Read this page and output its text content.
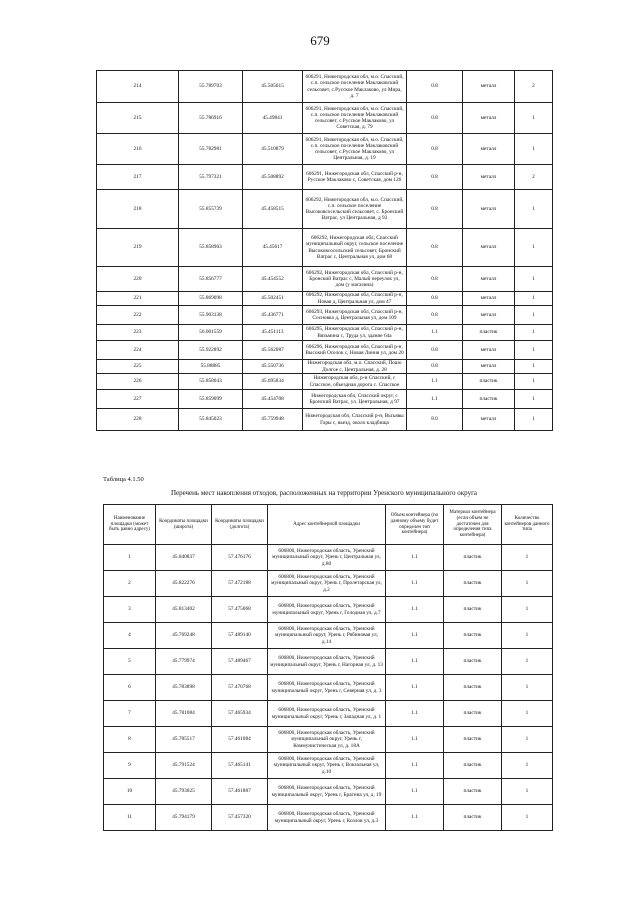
679
214	55.789703	45.505615	606291, Нижегородская обл, м.о. Спасский, с.п. сельское поселение Маклаковский сельсовет, с.Русское Маклаково, ул Мира, д. 7	0.8	металл	2
215	55.786916	45.49841	606291, Нижегородская обл, м.о. Спасский, с.п. сельское поселение Маклаковский сельсовет, с.Русское Маклаково, ул Советская, д. 79	0.8	металл	1
216	55.782981	45.510879	606291, Нижегородская обл, м.о. Спасский, с.п. сельское поселение Маклаковский сельсовет, с.Русское Маклаково, ул Центральная, д. 19	0.8	металл	1
217	55.797321	45.508892	606291, Нижегородская обл, Спасский р-н, Русское Маклаково с, Советская, дом 126	0.8	металл	2
218	55.855739	45.458515	606292, Нижегородская обл, м.о. Спасский, с.п. сельское поселение Высоковсосельский сельсовет, с. Бронский Ватрас, ул Центральная, д 93	0.8	металл	1
219	55.858903	45.45617	606292, Нижегородская обл, Спасский муниципальный округ, сельское поселение Высоковсосельский сельсовет, Бронский Ватрас с, Центральная ул, дом 68	0.8	металл	1
220	55.856777	45.454552	606292, Нижегородская обл, Спасский р-н, Бронский Ватрас с, Малый переулок ул, дом (у магазина)	0.8	металл	1
221	55.869098	45.502451	606292, Нижегородская обл, Спасский р-н, Новая д, Центральная ул, дом 47	0.8	металл	1
222	55.903138	45.436771	606293, Нижегородская обл, Спасский р-н, Сосновка д, Центральная ул, дом 109	0.8	металл	1
223	56.001559	45.451113	606295, Нижегородская обл, Спасский р-н, Вязьмина с, Труда ул, здание 64а	1.1	пластик	1
224	55.922892	45.562087	606296, Нижегородская обл, Спасский р-н, Высокий Оселок с, Новая Линия ул, дом 20	0.8	металл	1
225	55.88885	45.550736	Нижегородская обл, м.о. Спасский, Пошо Долгое с, Центральная, д. 28	0.8	металл	1
226	55.858043	45.695834	Нижегородская обл, р-н Спасский, с Спасское, объездная дорога с. Спасское	1.1	пластик	1
227	55.859099	45.454708	Нижегородская обл, Спасский округ, с Бронский Ватрас, ул. Центральная, д 97	1.1	пластик	1
228	55.845023	45.759948	Нижегородская обл, Спасский р-н, Вьтьявы Горы с, вьезд, около кладбища	8.0	металл	1
Таблица 4.1.50
Перечень мест накопления отходов, расположенных на территории Уренского муниципального округа
Наименование площадки (может быть равно адресу)	Координаты площадки (широта)	Координаты площадки (долгота)	Адрес контейнерной площадки	Объем контейнера (по данному объему будет определен тип контейнера)	Материал контейнера (если объем не достаточен для определения типа контейнера)	Количество контейнеров данного типа
1	45.840837	57.476176	606800, Нижегородская область, Уренский муниципальный округ, Урень г, Центральная ул, д.80	1.1	пластик	1
2	45.822276	57.472188	606800, Нижегородская область, Уренский муниципальный округ, Урень г, Пролетарская ул, д.2	1.1	пластик	1
3	45.813402	57.475068	606800, Нижегородская область, Уренский муниципальный округ, Урень г, Голодная ул, д.7	1.1	пластик	1
4	45.769248	57.489140	606800, Нижегородская область, Уренский муниципальный округ, Урень г, Рябиновая ул, д.14	1.1	пластик	1
5	45.779974	57.489467	606800, Нижегородская область, Уренский муниципальный округ, Урень г, Нагорная ул, д. 13	1.1	пластик	1
6	45.783898	57.470768	606800, Нижегородская область, Уренский муниципальный округ, Урень г, Северная ул, д. 3	1.1	пластик	1
7	45.781084	57.465934	606800, Нижегородская область, Уренский муниципальный округ, Урень г, Западная ул, д. 1	1.1	пластик	1
8	45.785517	57.461084	606800, Нижегородская область, Уренский муниципальный округ, Урень г, Коммунистическая ул, д. 18А	1.1	пластик	1
9	45.791524	57.465141	606800, Нижегородская область, Уренский муниципальный округ, Урень г, Вокзальная ул, д.10	1.1	пластик	1
10	45.793025	57.461887	606800, Нижегородская область, Уренский муниципальный округ, Урень г, Брагина ул, д. 19	1.1	пластик	1
11	45.794179	57.457320	606800, Нижегородская область, Уренский муниципальный округ, Урень г, Козлов ул, д.3	1.1	пластик	1
